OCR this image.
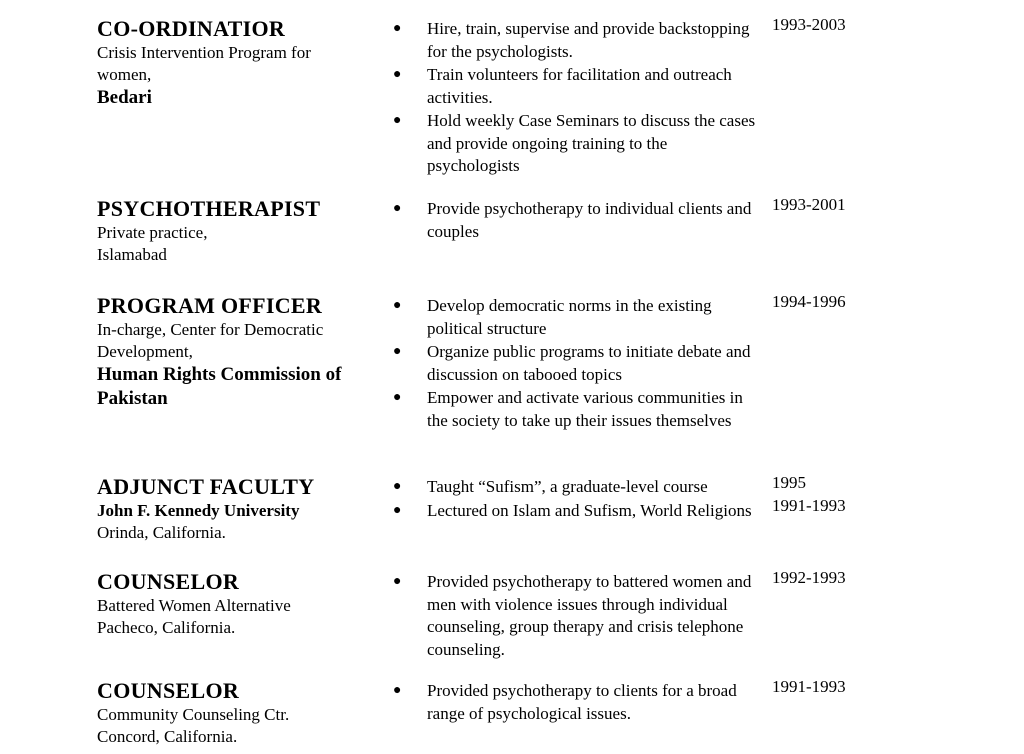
CO-ORDINATIOR
Crisis Intervention Program for
women,
Bedari
● Hire, train, supervise and provide backstopping for the psychologists.
● Train volunteers for facilitation and outreach activities.
● Hold weekly Case Seminars to discuss the cases and provide ongoing training to the psychologists
1993-2003
PSYCHOTHERAPIST
Private practice,
Islamabad
● Provide psychotherapy to individual clients and couples
1993-2001
PROGRAM OFFICER
In-charge, Center for Democratic
Development,
Human Rights Commission of Pakistan
● Develop democratic norms in the existing political structure
● Organize public programs to initiate debate and discussion on tabooed topics
● Empower and activate various communities in the society to take up their issues themselves
1994-1996
ADJUNCT FACULTY
John F. Kennedy University
Orinda, California.
● Taught “Sufism”, a graduate-level course
● Lectured on Islam and Sufism, World Religions
1995
1991-1993
COUNSELOR
Battered Women Alternative
Pacheco, California.
● Provided psychotherapy to battered women and men with violence issues through individual counseling, group therapy and crisis telephone counseling.
1992-1993
COUNSELOR
Community Counseling Ctr.
Concord, California.
● Provided psychotherapy to clients for a broad range of psychological issues.
1991-1993
